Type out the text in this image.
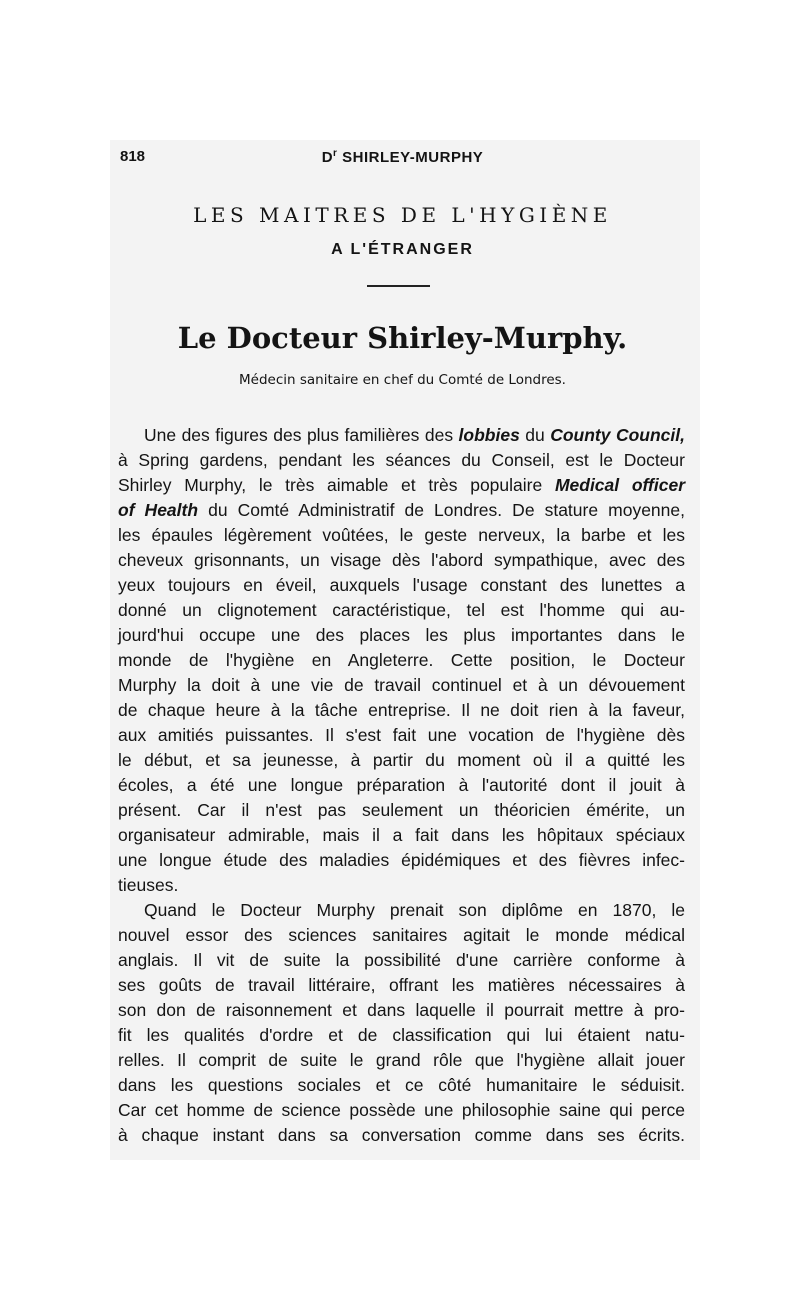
818	$D^r$ SHIRLEY-MURPHY
LES MAITRES DE L'HYGIÈNE
A L'ÉTRANGER
Le Docteur Shirley-Murphy.
Médecin sanitaire en chef du Comté de Londres.
Une des figures des plus familières des lobbies du County Council,
à Spring gardens, pendant les séances du Conseil, est le Docteur
Shirley Murphy, le très aimable et très populaire Medical officer
of Health du Comté Administratif de Londres. De stature moyenne,
les épaules légèrement voûtées, le geste nerveux, la barbe et les
cheveux grisonnants, un visage dès l'abord sympathique, avec des
yeux toujours en éveil, auxquels l'usage constant des lunettes a
donné un clignotement caractéristique, tel est l'homme qui au-
jourd'hui occupe une des places les plus importantes dans le
monde de l'hygiène en Angleterre. Cette position, le Docteur
Murphy la doit à une vie de travail continuel et à un dévouement
de chaque heure à la tâche entreprise. Il ne doit rien à la faveur,
aux amitiés puissantes. Il s'est fait une vocation de l'hygiène dès
le début, et sa jeunesse, à partir du moment où il a quitté les
écoles, a été une longue préparation à l'autorité dont il jouit à
présent. Car il n'est pas seulement un théoricien émérite, un
organisateur admirable, mais il a fait dans les hôpitaux spéciaux
une longue étude des maladies épidémiques et des fièvres infec-
tieuses.
Quand le Docteur Murphy prenait son diplôme en 1870, le
nouvel essor des sciences sanitaires agitait le monde médical
anglais. Il vit de suite la possibilité d'une carrière conforme à
ses goûts de travail littéraire, offrant les matières nécessaires à
son don de raisonnement et dans laquelle il pourrait mettre à pro-
fit les qualités d'ordre et de classification qui lui étaient natu-
relles. Il comprit de suite le grand rôle que l'hygiène allait jouer
dans les questions sociales et ce côté humanitaire le séduisit.
Car cet homme de science possède une philosophie saine qui perce
à chaque instant dans sa conversation comme dans ses écrits.
